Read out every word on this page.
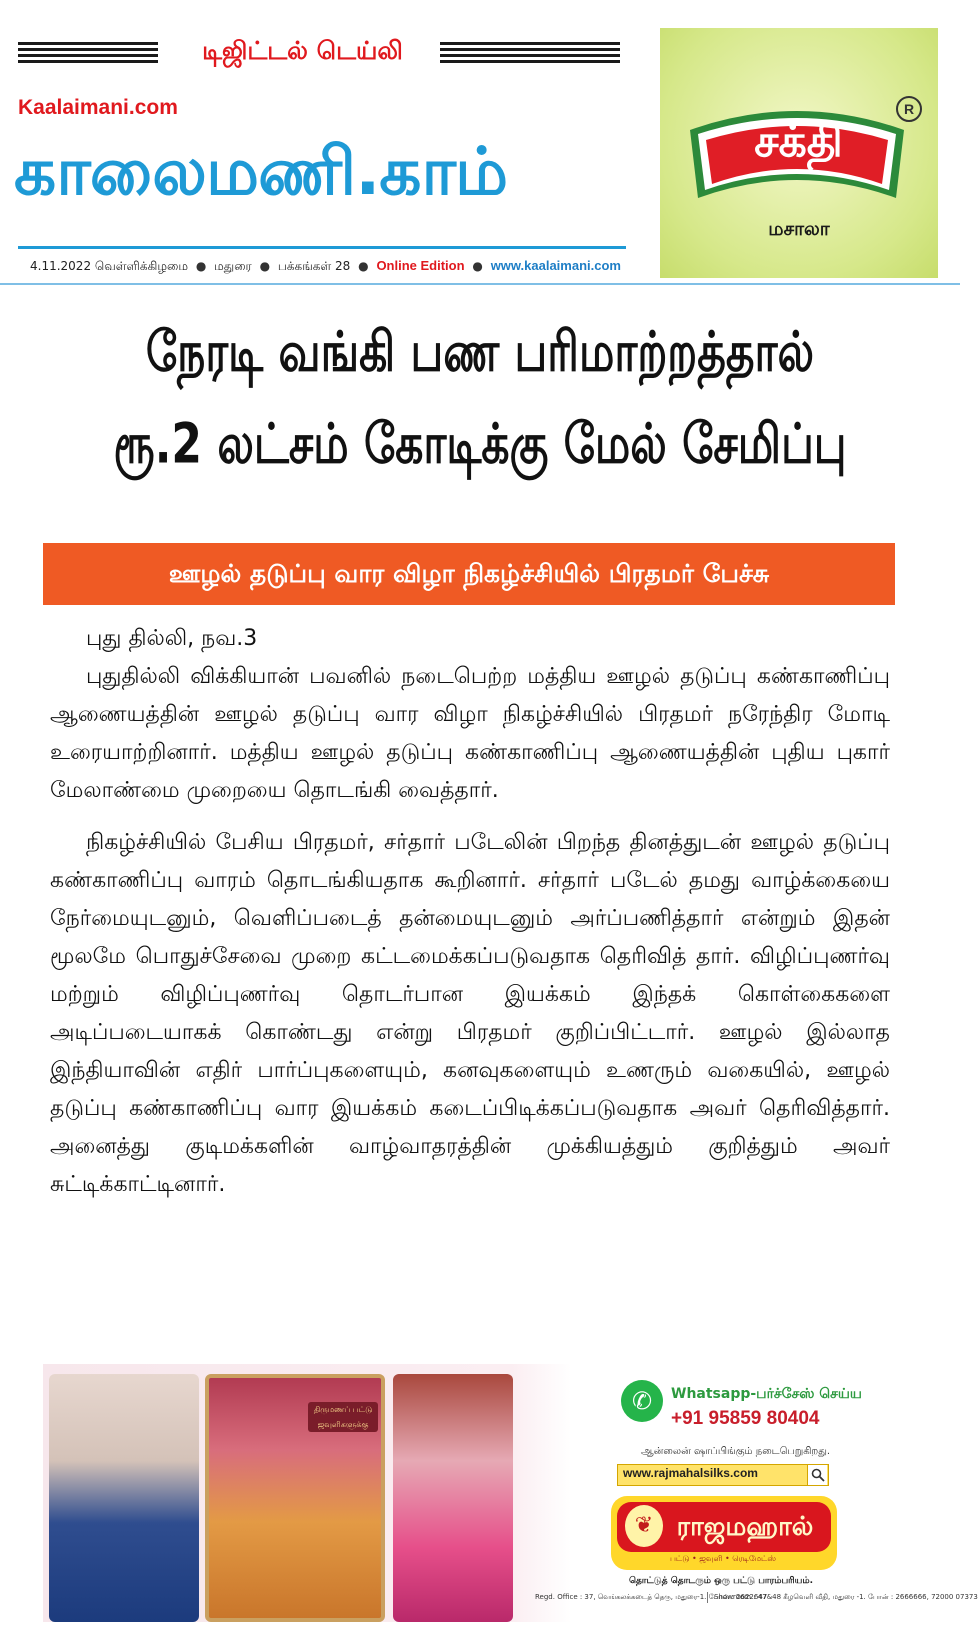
டிஜிட்டல் டெய்லி
Kaalaimani.com
காலைமணி.காம்
4.11.2022 வெள்ளிக்கிழமை ● மதுரை ● பக்கங்கள் 28 ● Online Edition ● www.kaalaimani.com
சக்தி
R
மசாலா
நேரடி வங்கி பண பரிமாற்றத்தால்
ரூ.2 லட்சம் கோடிக்கு மேல் சேமிப்பு
ஊழல் தடுப்பு வார விழா நிகழ்ச்சியில் பிரதமர் பேச்சு
புது தில்லி, நவ.3

புதுதில்லி விக்கியான் பவனில் நடைபெற்ற மத்திய ஊழல் தடுப்பு கண்காணிப்பு ஆணையத்தின் ஊழல் தடுப்பு வார விழா நிகழ்ச்சியில் பிரதமர் நரேந்திர மோடி உரையாற்றினார். மத்திய ஊழல் தடுப்பு கண்காணிப்பு ஆணையத்தின் புதிய புகார் மேலாண்மை முறையை தொடங்கி வைத்தார்.

நிகழ்ச்சியில் பேசிய பிரதமர், சர்தார் படேலின் பிறந்த தினத்துடன் ஊழல் தடுப்பு கண்காணிப்பு வாரம் தொடங்கியதாக கூறினார். சர்தார் படேல் தமது வாழ்க்கையை நேர்மையுடனும், வெளிப்படைத் தன்மையுடனும் அர்ப்பணித்தார் என்றும் இதன் மூலமே பொதுச்சேவை முறை கட்டமைக்கப்படுவதாக தெரிவித் தார். விழிப்புணர்வு மற்றும் விழிப்புணர்வு தொடர்பான இயக்கம் இந்தக் கொள்கைகளை அடிப்படையாகக் கொண்டது என்று பிரதமர் குறிப்பிட்டார். ஊழல் இல்லாத இந்தியாவின் எதிர் பார்ப்புகளையும், கனவுகளையும் உணரும் வகையில், ஊழல் தடுப்பு கண்காணிப்பு வார இயக்கம் கடைப்பிடிக்கப்படுவதாக அவர் தெரிவித்தார். அனைத்து குடிமக்களின் வாழ்வாதரத்தின் முக்கியத்தும் குறித்தும் அவர் சுட்டிக்காட்டினார்.

திருமணப் பட்டு ஜவுளிகளுக்கு
✆	Whatsapp-பர்ச்சேஸ் செய்ய
+91 95859 80404
ஆன்லைன் ஷாப்பிங்கும் நடைபெறுகிறது.
www.rajmahalsilks.com
❦ ராஜமஹால்
பட்டு • ஜவுளி • ரெடிமேட்ஸ்
தொட்டுத் தொடரும் ஒரு பட்டு பாரம்பரியம்.
Regd. Office : 37, வெங்கலக்கடைத் தெரு, மதுரை-1. போன் : 2622647
Showroom : 47&48 கீழவெளி வீதி, மதுரை -1. போன் : 2666666, 72000 07373
